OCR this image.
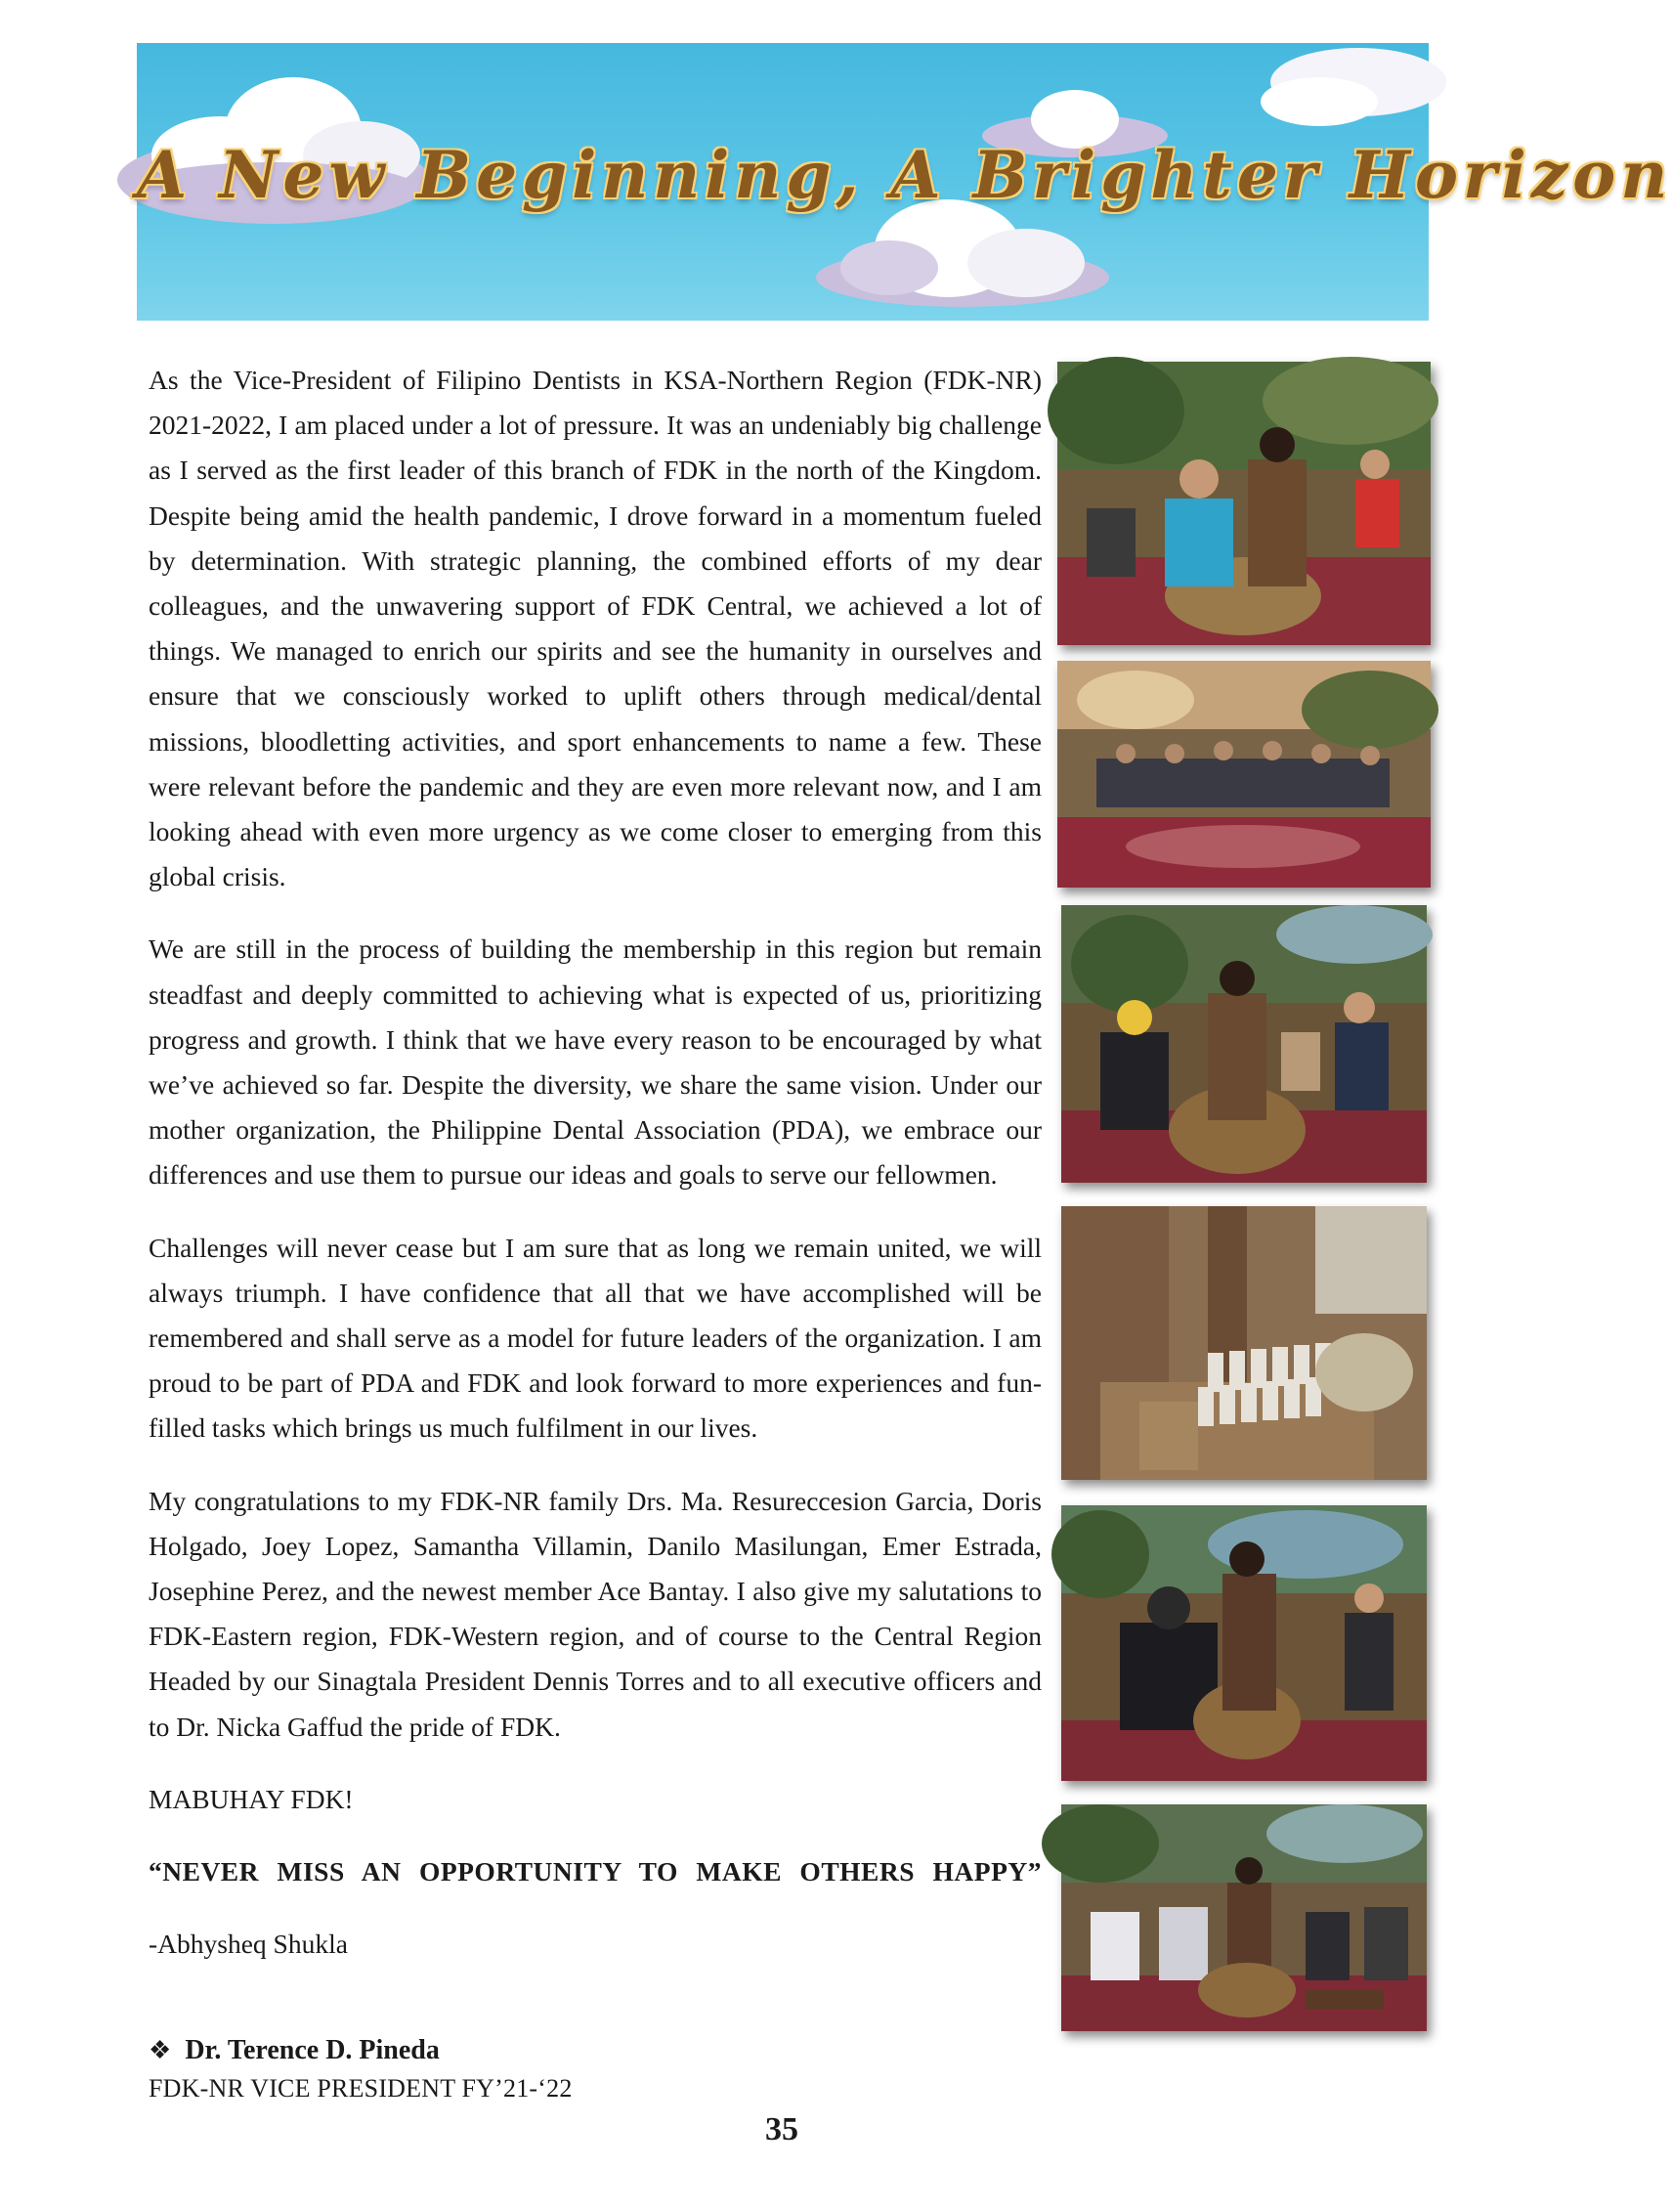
A New Beginning, A Brighter Horizon

As the Vice-President of Filipino Dentists in KSA-Northern Region (FDK-NR) 2021-2022, I am placed under a lot of pressure. It was an undeniably big challenge as I served as the first leader of this branch of FDK in the north of the Kingdom. Despite being amid the health pandemic, I drove forward in a momentum fueled by determination. With strategic planning, the combined efforts of my dear colleagues, and the unwavering support of FDK Central, we achieved a lot of things. We managed to enrich our spirits and see the humanity in ourselves and ensure that we consciously worked to uplift others through medical/dental missions, bloodletting activities, and sport enhancements to name a few. These were relevant before the pandemic and they are even more relevant now, and I am looking ahead with even more urgency as we come closer to emerging from this global crisis.

We are still in the process of building the membership in this region but remain steadfast and deeply committed to achieving what is expected of us, prioritizing progress and growth. I think that we have every reason to be encouraged by what we’ve achieved so far. Despite the diversity, we share the same vision. Under our mother organization, the Philippine Dental Association (PDA), we embrace our differences and use them to pursue our ideas and goals to serve our fellowmen.

Challenges will never cease but I am sure that as long we remain united, we will always triumph. I have confidence that all that we have accomplished will be remembered and shall serve as a model for future leaders of the organization. I am proud to be part of PDA and FDK and look forward to more experiences and fun-filled tasks which brings us much fulfilment in our lives.

My congratulations to my FDK-NR family Drs. Ma. Resureccesion Garcia, Doris Holgado, Joey Lopez, Samantha Villamin, Danilo Masilungan, Emer Estrada, Josephine Perez, and the newest member Ace Bantay. I also give my salutations to FDK-Eastern region, FDK-Western region, and of course to the Central Region Headed by our Sinagtala President Dennis Torres and to all executive officers and to Dr. Nicka Gaffud the pride of FDK.

MABUHAY FDK!

“NEVER MISS AN OPPORTUNITY TO MAKE OTHERS HAPPY”

-Abhysheq Shukla

❖ Dr. Terence D. Pineda
FDK-NR VICE PRESIDENT FY’21-‘22
35
